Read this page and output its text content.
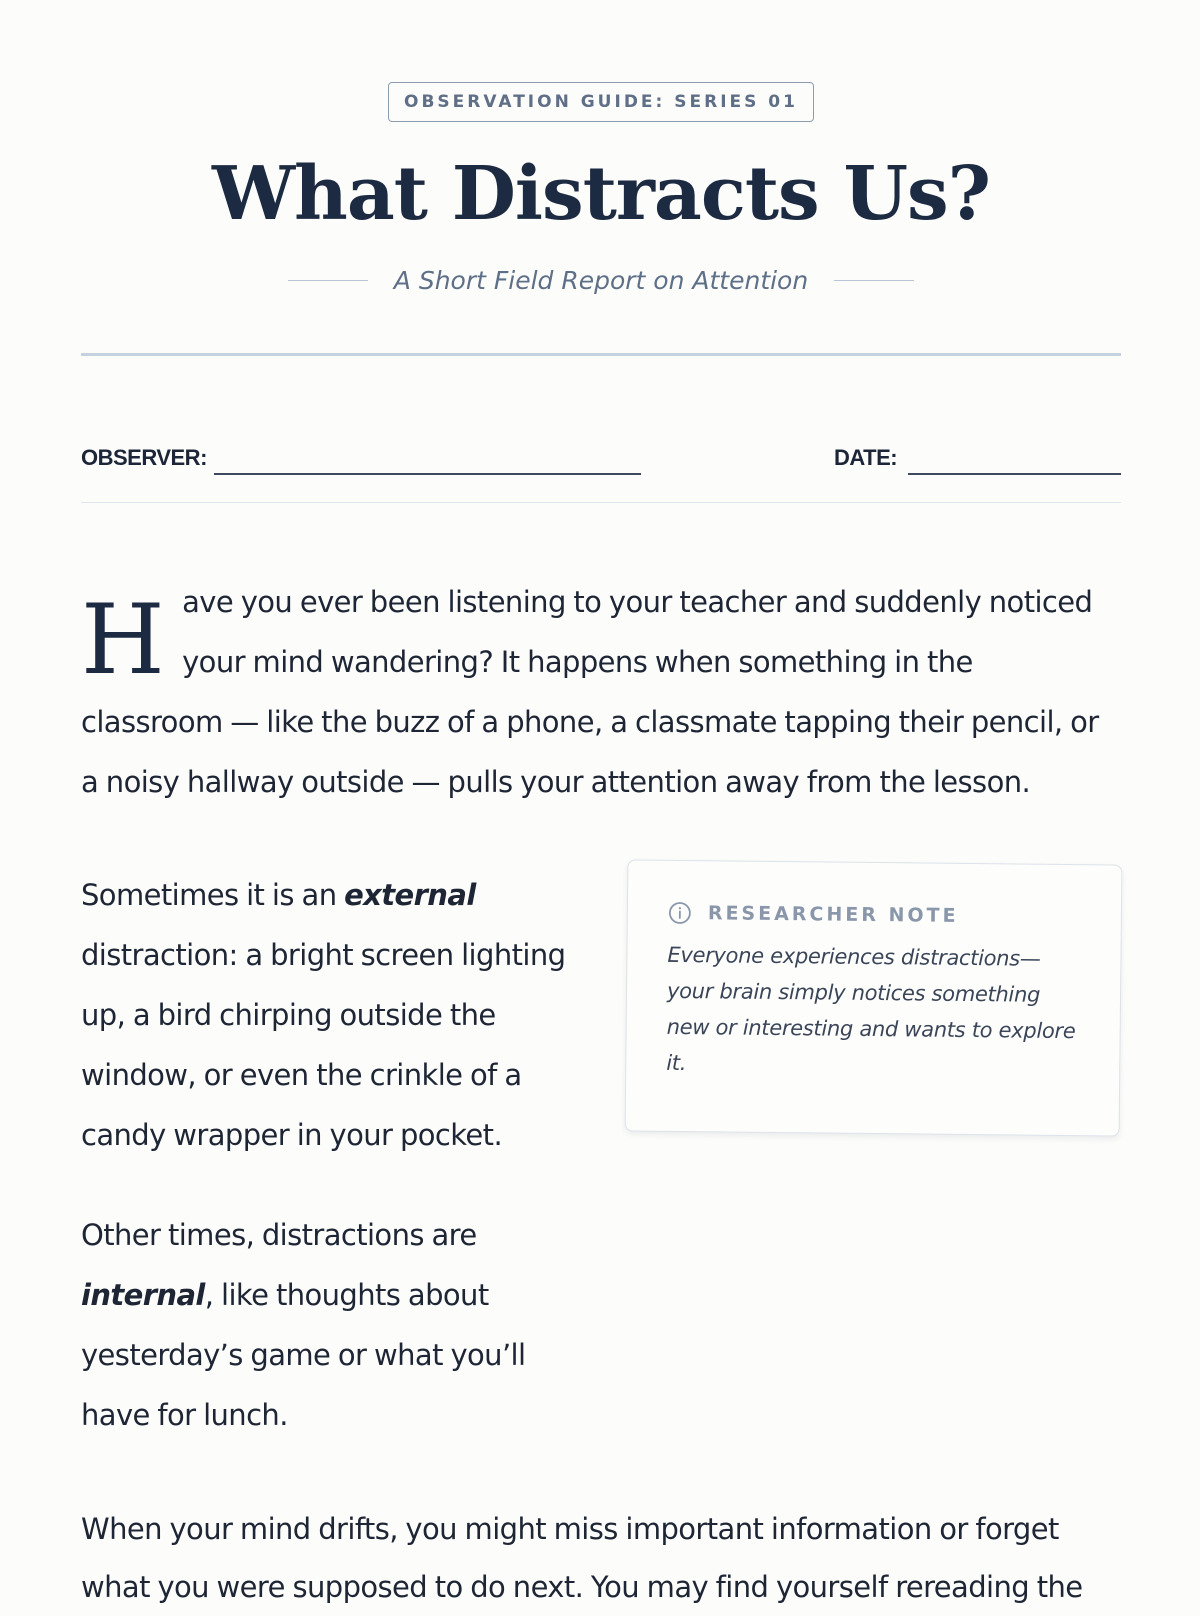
OBSERVATION GUIDE: SERIES 01
What Distracts Us?
A Short Field Report on Attention
OBSERVER:	DATE:

Have you ever been listening to your teacher and suddenly noticed your mind wandering? It happens when something in the classroom — like the buzz of a phone, a classmate tapping their pencil, or a noisy hallway outside — pulls your attention away from the lesson.

Sometimes it is an external distraction: a bright screen lighting up, a bird chirping outside the window, or even the crinkle of a candy wrapper in your pocket.

RESEARCHER NOTE
Everyone experiences distractions—your brain simply notices something new or interesting and wants to explore it.

Other times, distractions are internal, like thoughts about yesterday’s game or what you’ll have for lunch.

When your mind drifts, you might miss important information or forget what you were supposed to do next. You may find yourself rereading the
